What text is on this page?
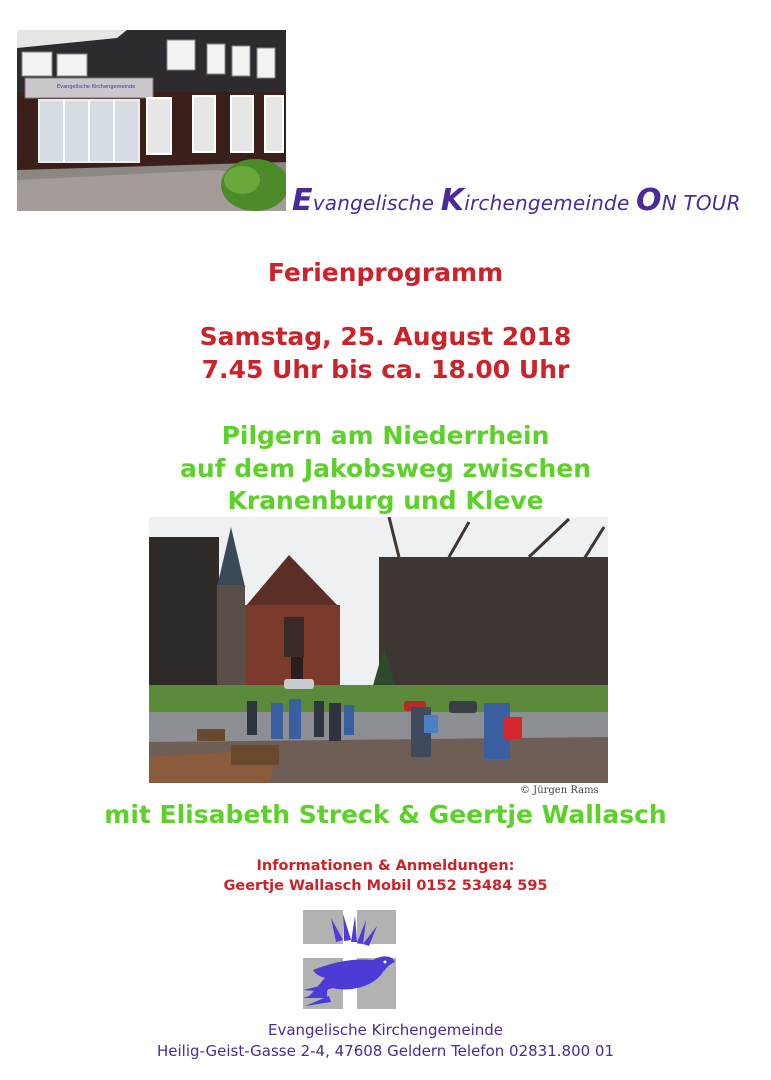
Evangelische Kirchengemeinde
Evangelische Kirchengemeinde ON TOUR
Ferienprogramm
Samstag, 25. August 2018
7.45 Uhr bis ca. 18.00 Uhr
Pilgern am Niederrhein
auf dem Jakobsweg zwischen
Kranenburg und Kleve
© Jürgen Rams
mit Elisabeth Streck & Geertje Wallasch
Informationen & Anmeldungen:
Geertje Wallasch Mobil 0152 53484 595
Evangelische Kirchengemeinde
Heilig-Geist-Gasse 2-4, 47608 Geldern Telefon 02831.800 01
